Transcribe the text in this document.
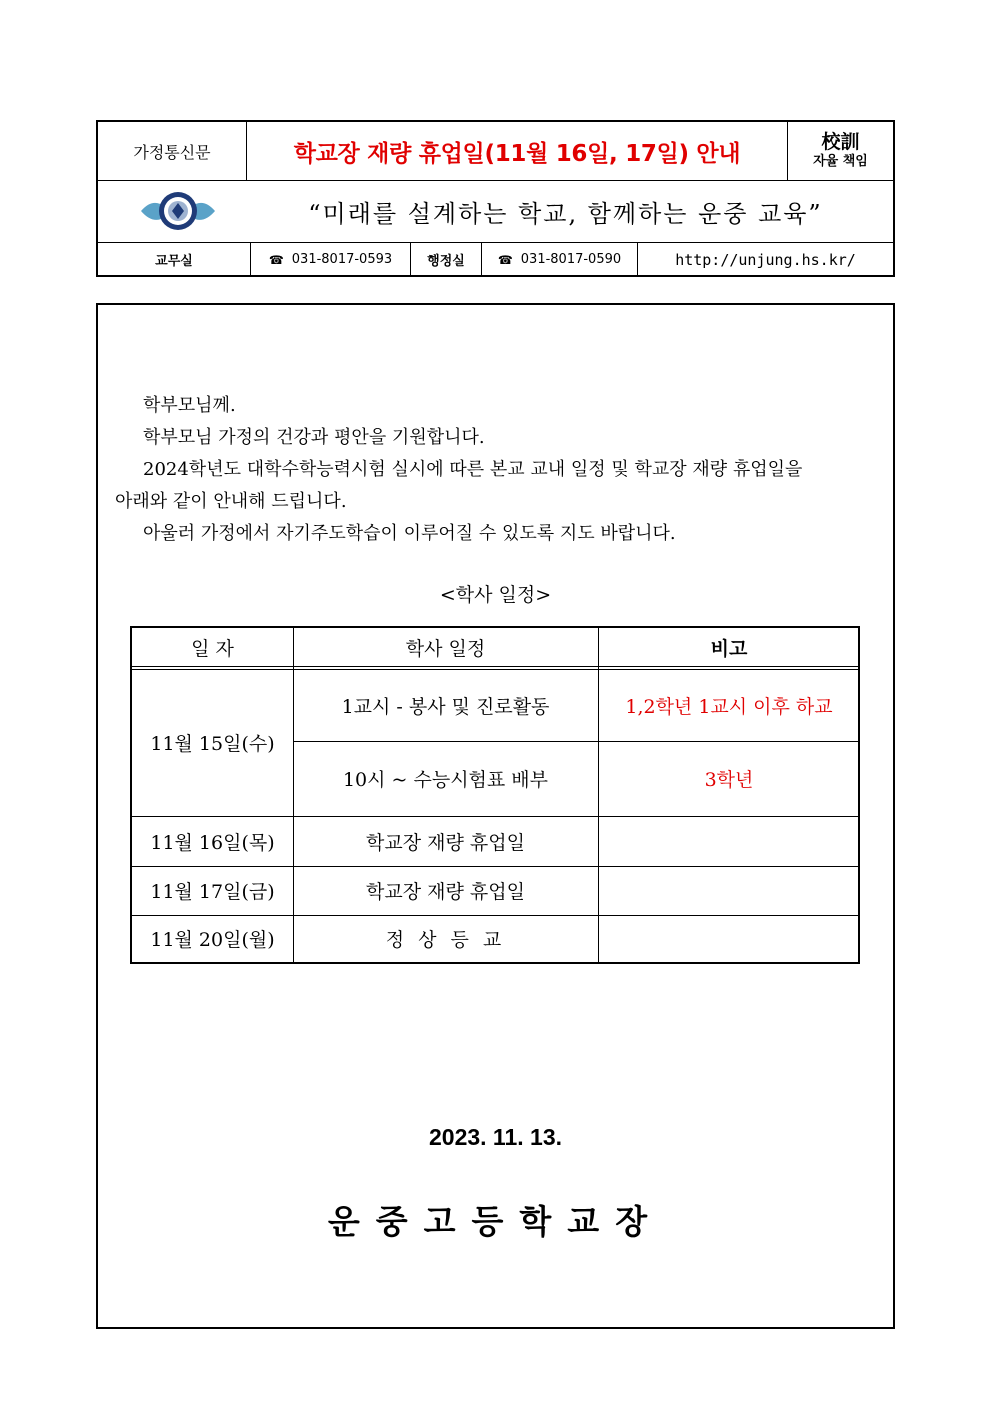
가정통신문	학교장 재량 휴업일(11월 16일, 17일) 안내	校訓
자율 책임
“미래를 설계하는 학교, 함께하는 운중 교육”
교무실	☎ 031-8017-0593	행정실	☎ 031-8017-0590	http://unjung.hs.kr/

학부모님께.

학부모님 가정의 건강과 평안을 기원합니다.

2024학년도 대학수학능력시험 실시에 따른 본교 교내 일정 및 학교장 재량 휴업일을

아래와 같이 안내해 드립니다.

아울러 가정에서 자기주도학습이 이루어질 수 있도록 지도 바랍니다.

<학사 일정>
일 자	학사 일정	비고
11월 15일(수)
1교시 - 봉사 및 진로활동	1,2학년 1교시 이후 하교
10시 ~ 수능시험표 배부	3학년
11월 16일(목)	학교장 재량 휴업일
11월 17일(금)	학교장 재량 휴업일
11월 20일(월)	정 상 등 교
2023. 11. 13.
운중고등학교장
